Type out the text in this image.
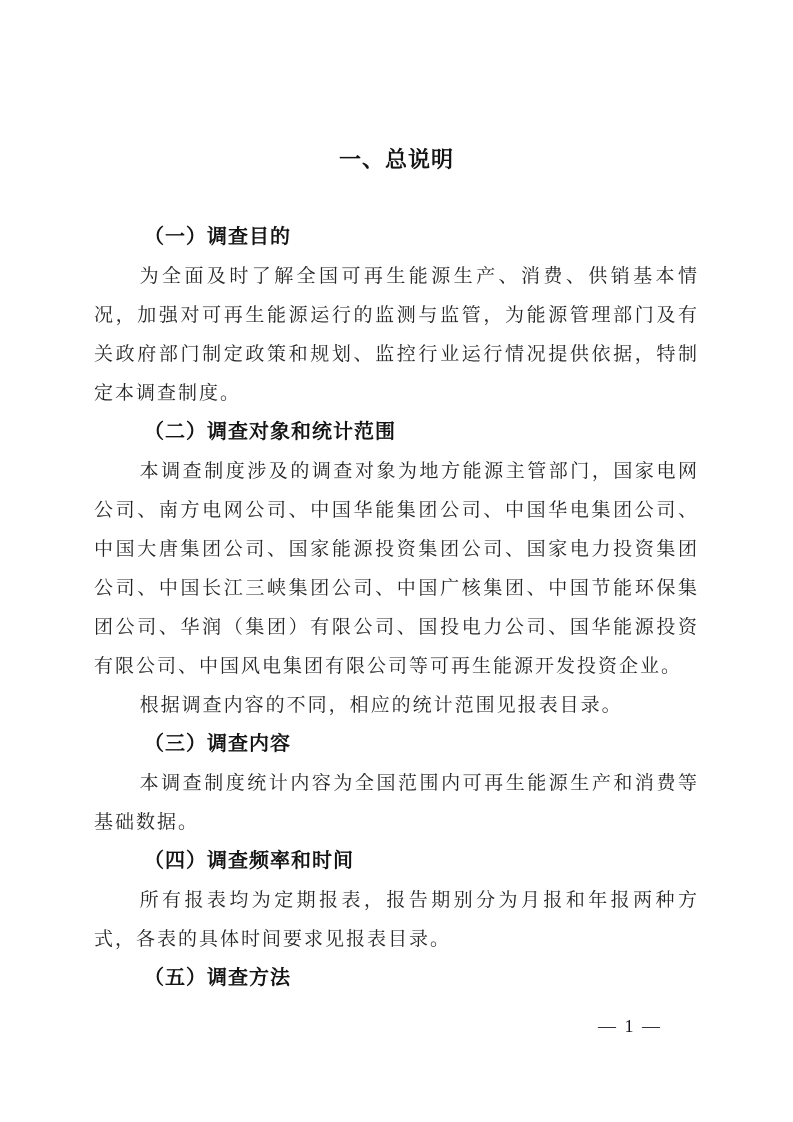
一、总说明
（一）调查目的

为全面及时了解全国可再生能源生产、消费、供销基本情况，加强对可再生能源运行的监测与监管，为能源管理部门及有关政府部门制定政策和规划、监控行业运行情况提供依据，特制定本调查制度。

（二）调查对象和统计范围

本调查制度涉及的调查对象为地方能源主管部门，国家电网公司、南方电网公司、中国华能集团公司、中国华电集团公司、中国大唐集团公司、国家能源投资集团公司、国家电力投资集团公司、中国长江三峡集团公司、中国广核集团、中国节能环保集团公司、华润（集团）有限公司、国投电力公司、国华能源投资有限公司、中国风电集团有限公司等可再生能源开发投资企业。

根据调查内容的不同，相应的统计范围见报表目录。

（三）调查内容

本调查制度统计内容为全国范围内可再生能源生产和消费等基础数据。

（四）调查频率和时间

所有报表均为定期报表，报告期别分为月报和年报两种方式，各表的具体时间要求见报表目录。

（五）调查方法
— 1 —
